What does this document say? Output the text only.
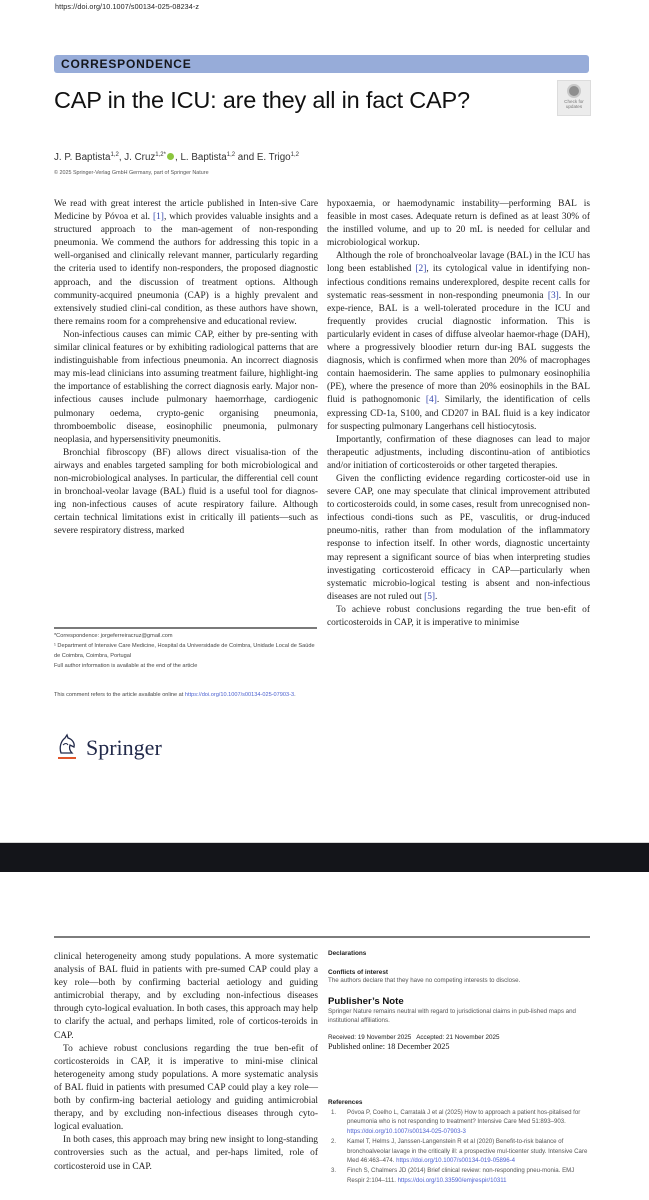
https://doi.org/10.1007/s00134-025-08234-z
CORRESPONDENCE
CAP in the ICU: are they all in fact CAP?	Check for
updates
J. P. Baptista$^{1,2}$, J. Cruz$^{1,2*}$ , L. Baptista$^{1,2}$ and E. Trigo$^{1,2}$
© 2025 Springer-Verlag GmbH Germany, part of Springer Nature

We read with great interest the article published in Inten-sive Care Medicine by Póvoa et al. [1], which provides valuable insights and a structured approach to the man-agement of non-responding pneumonia. We commend the authors for addressing this topic in a well-organised and clinically relevant manner, particularly regarding the criteria used to identify non-responders, the proposed diagnostic approach, and the discussion of treatment options. Although community-acquired pneumonia (CAP) is a highly prevalent and extensively studied clini-cal condition, as these authors have shown, there remains room for a comprehensive and educational review.

Non-infectious causes can mimic CAP, either by pre-senting with similar clinical features or by exhibiting radiological patterns that are indistinguishable from infectious pneumonia. An incorrect diagnosis may mis-lead clinicians into assuming treatment failure, highlight-ing the importance of establishing the correct diagnosis early. Major non-infectious causes include pulmonary haemorrhage, cardiogenic pulmonary oedema, crypto-genic organising pneumonia, thromboembolic disease, eosinophilic pneumonia, pulmonary neoplasia, and hypersensitivity pneumonitis.

Bronchial fibroscopy (BF) allows direct visualisa-tion of the airways and enables targeted sampling for both microbiological and non-microbiological analyses. In particular, the differential cell count in bronchoal-veolar lavage (BAL) fluid is a useful tool for diagnos-ing non-infectious causes of acute respiratory failure. Although certain technical limitations exist in critically ill patients—such as severe respiratory distress, marked

hypoxaemia, or haemodynamic instability—performing BAL is feasible in most cases. Adequate return is defined as at least 30% of the instilled volume, and up to 20 mL is needed for cellular and microbiological workup.

Although the role of bronchoalveolar lavage (BAL) in the ICU has long been established [2], its cytological value in identifying non-infectious conditions remains underexplored, despite recent calls for systematic reas-sessment in non-responding pneumonia [3]. In our expe-rience, BAL is a well-tolerated procedure in the ICU and frequently provides crucial diagnostic information. This is particularly evident in cases of diffuse alveolar haemor-rhage (DAH), where a progressively bloodier return dur-ing BAL suggests the diagnosis, which is confirmed when more than 20% of macrophages contain haemosiderin. The same applies to pulmonary eosinophilia (PE), where the presence of more than 20% eosinophils in the BAL fluid is pathognomonic [4]. Similarly, the identification of cells expressing CD-1a, S100, and CD207 in BAL fluid is a key indicator for suspecting pulmonary Langerhans cell histiocytosis.

Importantly, confirmation of these diagnoses can lead to major therapeutic adjustments, including discontinu-ation of antibiotics and/or initiation of corticosteroids or other targeted therapies.

Given the conflicting evidence regarding corticoster-oid use in severe CAP, one may speculate that clinical improvement attributed to corticosteroids could, in some cases, result from unrecognised non-infectious condi-tions such as PE, vasculitis, or drug-induced pneumo-nitis, rather than from modulation of the inflammatory response to infection itself. In other words, diagnostic uncertainty may represent a significant source of bias when interpreting studies investigating corticosteroid efficacy in CAP—particularly when systematic microbio-logical testing is absent and non-infectious diseases are not ruled out [5].

To achieve robust conclusions regarding the true ben-efit of corticosteroids in CAP, it is imperative to minimise

*Correspondence: jorgeferreiracruz@gmail.com
¹ Department of Intensive Care Medicine, Hospital da Universidade de Coimbra, Unidade Local de Saúde de Coimbra, Coimbra, Portugal
Full author information is available at the end of the article
This comment refers to the article available online at https://doi.org/10.1007/s00134-025-07903-3.
Springer

clinical heterogeneity among study populations. A more systematic analysis of BAL fluid in patients with pre-sumed CAP could play a key role—both by confirming bacterial aetiology and guiding antimicrobial therapy, and by excluding non-infectious diseases through cyto-logical evaluation. In both cases, this approach may help to clarify the actual, and perhaps limited, role of corticos-teroids in CAP.

To achieve robust conclusions regarding the true ben-efit of corticosteroids in CAP, it is imperative to mini-mise clinical heterogeneity among study populations. A more systematic analysis of BAL fluid in patients with presumed CAP could play a key role—both by confirm-ing bacterial aetiology and guiding antimicrobial therapy, and by excluding non-infectious diseases through cyto-logical evaluation.

In both cases, this approach may bring new insight to long-standing controversies such as the actual, and per-haps limited, role of corticosteroid use in CAP.

Declarations
Conflicts of interest
The authors declare that they have no competing interests to disclose.
Publisher’s Note
Springer Nature remains neutral with regard to jurisdictional claims in pub-lished maps and institutional affiliations.
Received: 19 November 2025   Accepted: 21 November 2025
Published online: 18 December 2025
References
1. Póvoa P, Coelho L, Carratalà J et al (2025) How to approach a patient hos-pitalised for pneumonia who is not responding to treatment? Intensive Care Med 51:893–903. https://doi.org/10.1007/s00134-025-07903-3
2. Kamel T, Helms J, Janssen-Langenstein R et al (2020) Benefit-to-risk balance of bronchoalveolar lavage in the critically ill: a prospective mul-ticenter study. Intensive Care Med 46:463–474. https://doi.org/10.1007/s00134-019-05896-4
3. Finch S, Chalmers JD (2014) Brief clinical review: non-responding pneu-monia. EMJ Respir 2:104–111. https://doi.org/10.33590/emjrespir/10311
